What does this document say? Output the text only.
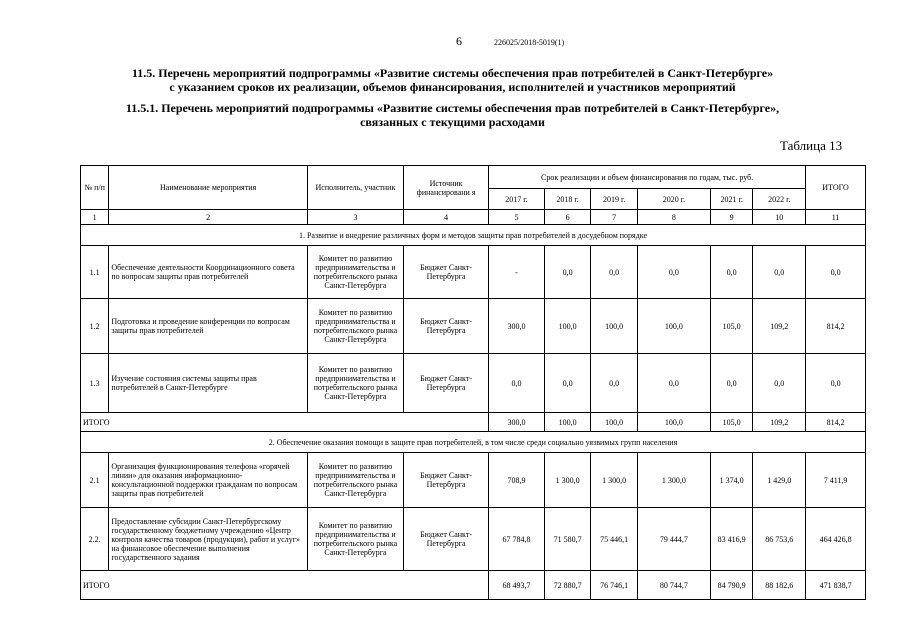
6	226025/2018-5019(1)
11.5. Перечень мероприятий подпрограммы «Развитие системы обеспечения прав потребителей в Санкт-Петербурге»
с указанием сроков их реализации, объемов финансирования, исполнителей и участников мероприятий
11.5.1. Перечень мероприятий подпрограммы «Развитие системы обеспечения прав потребителей в Санкт-Петербурге»,
связанных с текущими расходами
Таблица 13
№ п/п	Наименование мероприятия	Исполнитель, участник	Источник финансировани я	Срок реализации и объем финансирования по годам, тыс. руб.						ИТОГО
				2017 г.	2018 г.	2019 г.	2020 г.	2021 г.	2022 г.	
1	2	3	4	5	6	7	8	9	10	11
1. Развитие и внедрение различных форм и методов защиты прав потребителей в досудебном порядке										
1.1	Обеспечение деятельности Координационного совета по вопросам защиты прав потребителей	Комитет по развитию предпринимательства и потребительского рынка Санкт-Петербурга	Бюджет Санкт-Петербурга	-	0,0	0,0	0,0	0,0	0,0	0,0
1.2	Подготовка и проведение конференции по вопросам защиты прав потребителей	Комитет по развитию предпринимательства и потребительского рынка Санкт-Петербурга	Бюджет Санкт-Петербурга	300,0	100,0	100,0	100,0	105,0	109,2	814,2
1.3	Изучение состояния системы защиты прав потребителей в Санкт-Петербурге	Комитет по развитию предпринимательства и потребительского рынка Санкт-Петербурга	Бюджет Санкт-Петербурга	0,0	0,0	0,0	0,0	0,0	0,0	0,0
ИТОГО				300,0	100,0	100,0	100,0	105,0	109,2	814,2
2. Обеспечение оказания помощи в защите прав потребителей, в том числе среди социально уязвимых групп населения										
2.1	Организация функционирования телефона «горячей линии» для оказания информационно-консультационной поддержки гражданам по вопросам защиты прав потребителей	Комитет по развитию предпринимательства и потребительского рынка Санкт-Петербурга	Бюджет Санкт-Петербурга	708,9	1 300,0	1 300,0	1 300,0	1 374,0	1 429,0	7 411,9
2.2.	Предоставление субсидии Санкт-Петербургскому государственному бюджетному учреждению «Центр контроля качества товаров (продукции), работ и услуг» на финансовое обеспечение выполнения государственного задания	Комитет по развитию предпринимательства и потребительского рынка Санкт-Петербурга	Бюджет Санкт-Петербурга	67 784,8	71 580,7	75 446,1	79 444,7	83 416,9	86 753,6	464 426,8
ИТОГО				68 493,7	72 880,7	76 746,1	80 744,7	84 790,9	88 182,6	471 838,7
